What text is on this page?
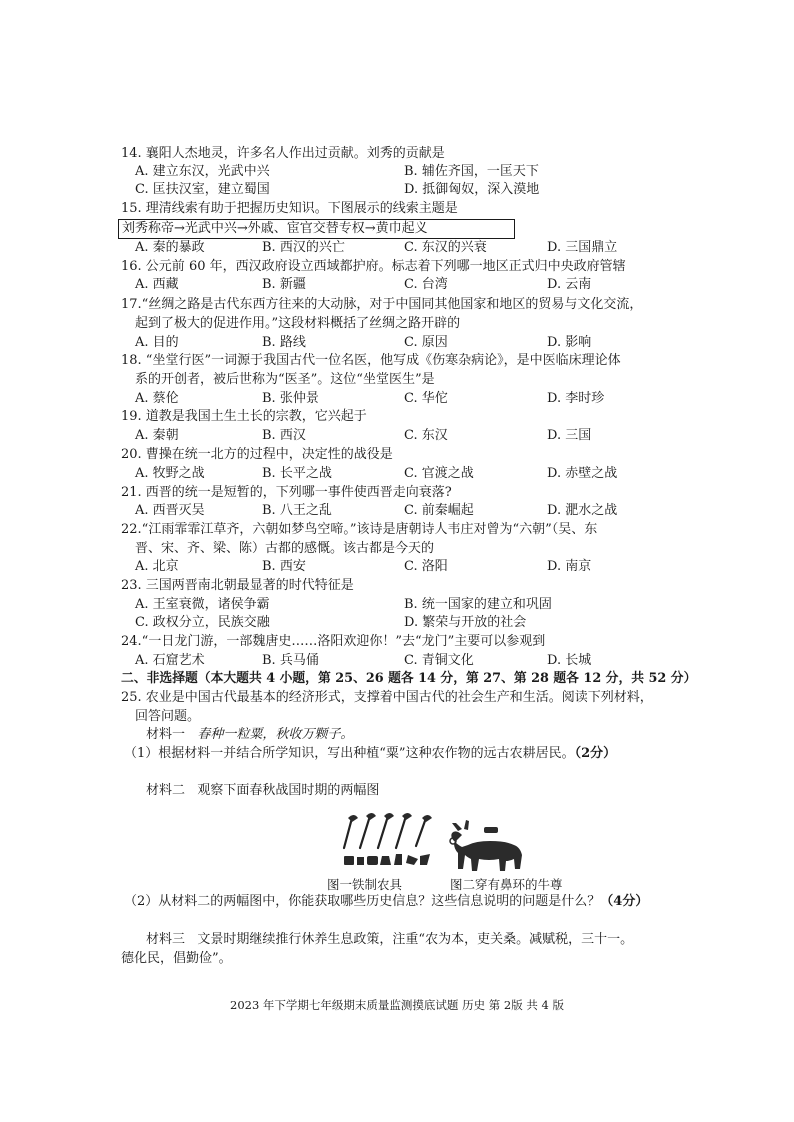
14. 襄阳人杰地灵，许多名人作出过贡献。刘秀的贡献是
A. 建立东汉，光武中兴	B. 辅佐齐国，一匡天下
C. 匡扶汉室，建立蜀国	D. 抵御匈奴，深入漠地
15. 理清线索有助于把握历史知识。下图展示的线索主题是
刘秀称帝→光武中兴→外戚、宦官交替专权→黄巾起义
A. 秦的暴政	B. 西汉的兴亡	C. 东汉的兴衰	D. 三国鼎立
16. 公元前 60 年，西汉政府设立西域都护府。标志着下列哪一地区正式归中央政府管辖
A. 西藏	B. 新疆	C. 台湾	D. 云南
17.“丝绸之路是古代东西方往来的大动脉，对于中国同其他国家和地区的贸易与文化交流，
起到了极大的促进作用。”这段材料概括了丝绸之路开辟的
A. 目的	B. 路线	C. 原因	D. 影响
18. “坐堂行医”一词源于我国古代一位名医，他写成《伤寒杂病论》，是中医临床理论体
系的开创者，被后世称为“医圣”。这位“坐堂医生”是
A. 蔡伦	B. 张仲景	C. 华佗	D. 李时珍
19. 道教是我国土生土长的宗教，它兴起于
A. 秦朝	B. 西汉	C. 东汉	D. 三国
20. 曹操在统一北方的过程中，决定性的战役是
A. 牧野之战	B. 长平之战	C. 官渡之战	D. 赤壁之战
21. 西晋的统一是短暂的，下列哪一事件使西晋走向衰落?
A. 西晋灭吴	B. 八王之乱	C. 前秦崛起	D. 淝水之战
22.“江雨霏霏江草齐，六朝如梦鸟空啼。”该诗是唐朝诗人韦庄对曾为“六朝”（吴、东
晋、宋、齐、梁、陈）古都的感慨。该古都是今天的
A. 北京	B. 西安	C. 洛阳	D. 南京
23. 三国两晋南北朝最显著的时代特征是
A. 王室衰微，诸侯争霸	B. 统一国家的建立和巩固
C. 政权分立，民族交融	D. 繁荣与开放的社会
24.“一日龙门游，一部魏唐史……洛阳欢迎你！”去“龙门”主要可以参观到
A. 石窟艺术	B. 兵马俑	C. 青铜文化	D. 长城
二、非选择题（本大题共 4 小题，第 25、26 题各 14 分，第 27、第 28 题各 12 分，共 52 分）
25. 农业是中国古代最基本的经济形式，支撑着中国古代的社会生产和生活。阅读下列材料，
回答问题。
材料一 春种一粒粟，秋收万颗子。
（1）根据材料一并结合所学知识，写出种植“粟”这种农作物的远古农耕居民。（2分）
材料二 观察下面春秋战国时期的两幅图
图一铁制农具	图二穿有鼻环的牛尊
（2）从材料二的两幅图中，你能获取哪些历史信息？这些信息说明的问题是什么？（4分）
材料三 文景时期继续推行休养生息政策，注重“农为本，吏关桑。减赋税，三十一。
德化民，倡勤俭”。
2023 年下学期七年级期末质量监测摸底试题 历史 第 2版 共 4 版
